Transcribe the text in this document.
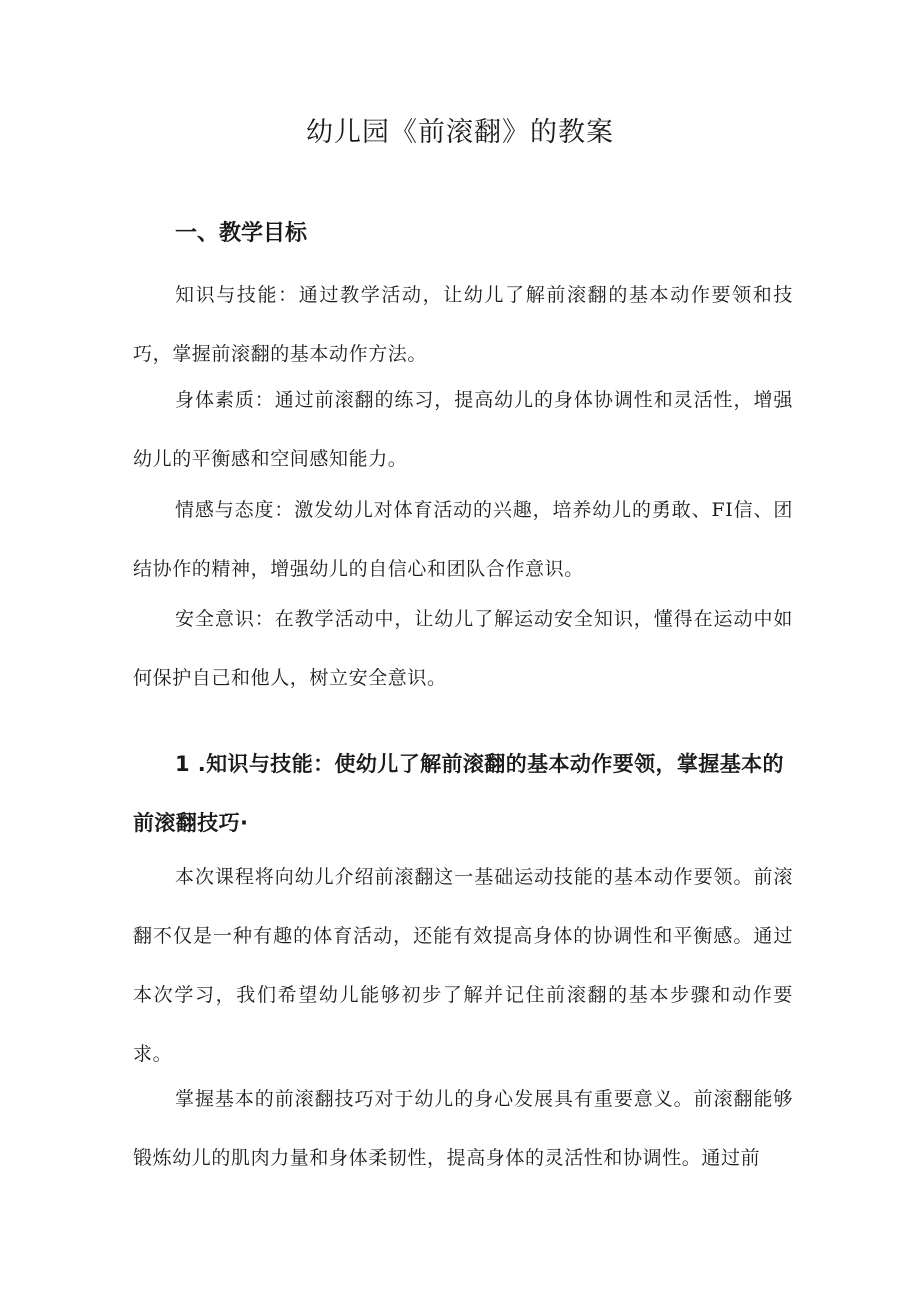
幼儿园《前滚翻》的教案
一、教学目标

知识与技能：通过教学活动，让幼儿了解前滚翻的基本动作要领和技巧，掌握前滚翻的基本动作方法。

身体素质：通过前滚翻的练习，提高幼儿的身体协调性和灵活性，增强幼儿的平衡感和空间感知能力。

情感与态度：激发幼儿对体育活动的兴趣，培养幼儿的勇敢、FI信、团结协作的精神，增强幼儿的自信心和团队合作意识。

安全意识：在教学活动中，让幼儿了解运动安全知识，懂得在运动中如何保护自己和他人，树立安全意识。

1 .知识与技能：使幼儿了解前滚翻的基本动作要领，掌握基本的前滚翻技巧·

本次课程将向幼儿介绍前滚翻这一基础运动技能的基本动作要领。前滚翻不仅是一种有趣的体育活动，还能有效提高身体的协调性和平衡感。通过本次学习，我们希望幼儿能够初步了解并记住前滚翻的基本步骤和动作要求。

掌握基本的前滚翻技巧对于幼儿的身心发展具有重要意义。前滚翻能够锻炼幼儿的肌肉力量和身体柔韧性，提高身体的灵活性和协调性。通过前
